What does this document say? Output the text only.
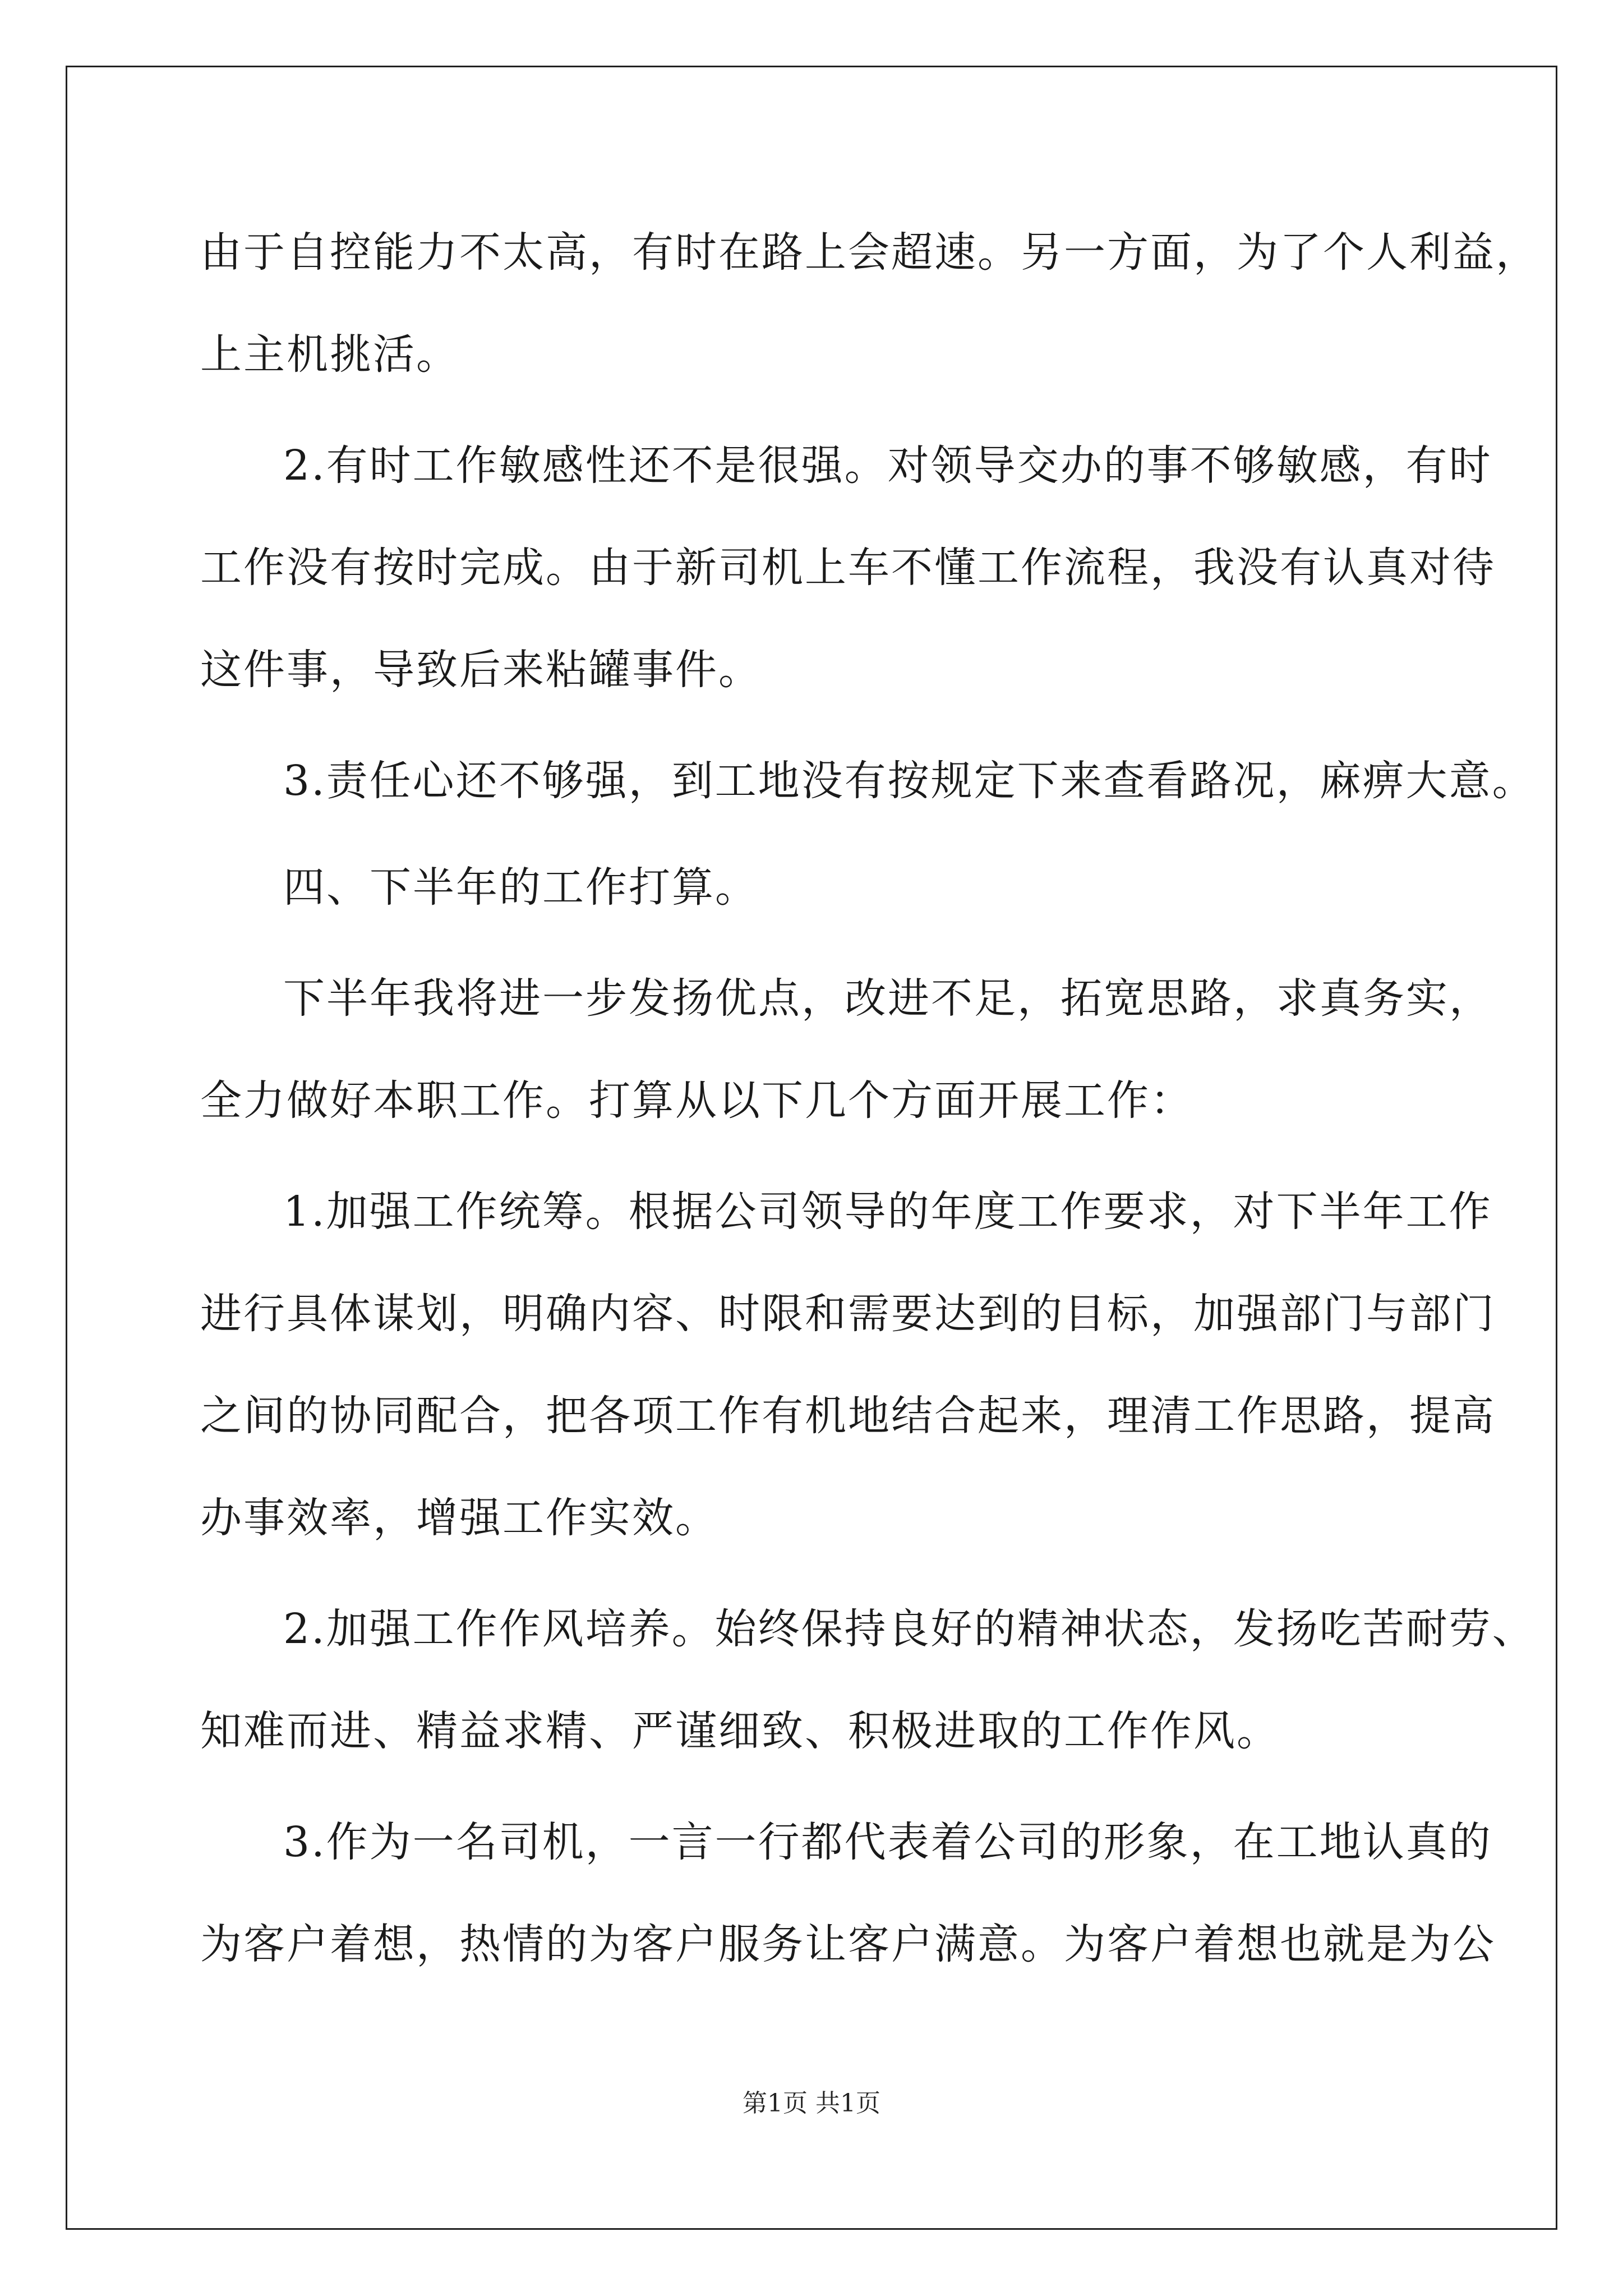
由于自控能力不太高，有时在路上会超速。另一方面，为了个人利益，
上主机挑活。
2.有时工作敏感性还不是很强。对领导交办的事不够敏感，有时
工作没有按时完成。由于新司机上车不懂工作流程，我没有认真对待
这件事，导致后来粘罐事件。
3.责任心还不够强，到工地没有按规定下来查看路况，麻痹大意。
四、下半年的工作打算。
下半年我将进一步发扬优点，改进不足，拓宽思路，求真务实，
全力做好本职工作。打算从以下几个方面开展工作：
1.加强工作统筹。根据公司领导的年度工作要求，对下半年工作
进行具体谋划，明确内容、时限和需要达到的目标，加强部门与部门
之间的协同配合，把各项工作有机地结合起来，理清工作思路，提高
办事效率，增强工作实效。
2.加强工作作风培养。始终保持良好的精神状态，发扬吃苦耐劳、
知难而进、精益求精、严谨细致、积极进取的工作作风。
3.作为一名司机，一言一行都代表着公司的形象，在工地认真的
为客户着想，热情的为客户服务让客户满意。为客户着想也就是为公
第1页 共1页
